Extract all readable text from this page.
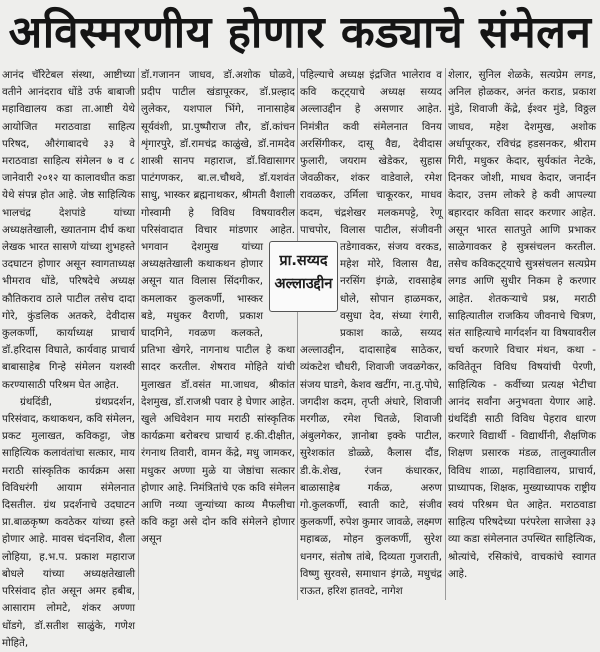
अविस्मरणीय होणार कड्याचे संमेलन

आनंद चॅरिटेबल संस्था, आष्टीच्या वतीने आनंदराव धोंडे उर्फ बाबाजी महाविद्यालय कडा ता.आष्टी येथे आयोजित मराठवाडा साहित्य परिषद, औरंगाबादचे ३३ वे मराठवाडा साहित्य संमेलन ७ व ८ जानेवारी २०१२ या कालावधीत कडा येथे संपन्न होत आहे. जेष्ठ साहित्यिक भालचंद्र देशपांडे यांच्या अध्यक्षतेखाली, ख्यातनाम दीर्घ कथा लेखक भारत सासणे यांच्या शुभहस्ते उदघाटन होणार असून स्वागताध्यक्ष भीमराव धोंडे, परिषदेचे अध्यक्ष कौतिकराव ठाले पाटील तसेच दादा गोरे, कुंडलिक अतकरे, देवीदास कुलकर्णी, कार्याध्यक्ष प्राचार्य डॉ.हरिदास विघाते, कार्यवाह प्राचार्य बाबासाहेब गिन्हे संमेलन यशस्वी करण्यासाठी परिश्रम घेत आहेत.

ग्रंथदिंडी, ग्रंथप्रदर्शन, परिसंवाद, कथाकथन, कवि संमेलन, प्रकट मुलाखत, कविकट्टा, जेष्ठ साहित्यिक कलावंतांचा सत्कार, माय मराठी सांस्कृतिक कार्यक्रम असा विविधरंगी आयाम संमेलनात दिसतील. ग्रंथ प्रदर्शनाचे उदघाटन प्रा.बाळकृष्ण कवठेकर यांच्या हस्ते होणार आहे. मावस चंदनशिव, शैला लोहिया, ह.भ.प. प्रकाश महाराज बोधले यांच्या अध्यक्षतेखाली परिसंवाद होत असून अमर हबीब, आसाराम लोमटे, शंकर अण्णा धोंडगे, डॉ.सतीश साळुंके, गणेश मोहिते,

डॉ.गजानन जाधव, डॉ.अशोक घोळवे, प्रदीप पाटील खंडापूरकर, डॉ.प्रल्हाद लुलेकर, यशपाल भिंगे, नानासाहेब सूर्यवंशी, प्रा.पुष्पौराज तौर, डॉ.कांचन शृंगारपुरे, डॉ.रामचंद्र काळुंखे, डॉ.नामदेव शास्त्री सानप महाराज, डॉ.विद्यासागर पाटंगणकर, बा.ल.चौथवे, डॉ.यशवंत साधु, भास्कर ब्रह्मनाथकर, श्रीमती वैशाली गोस्वामी हे विविध विषयावरील परिसंवादात विचार मांडणार आहेत. भगवान देशमुख यांच्या अध्यक्षतेखाली कथाकथन होणार असून यात विलास सिंदगीकर, कमलाकर कुलकर्णी, भास्कर बडे, मधुकर वैराणी, प्रकाश घादगिने, गवळण कलकते, प्रतिभा खेगरे, नागनाथ पाटील हे कथा सादर करतील. शेषराव मोहिते यांची मुलाखत डॉ.वसंत मा.जाधव, श्रीकांत देशमुख, डॉ.राजश्री पवार हे घेणार आहेत. खुले अधिवेशन माय मराठी सांस्कृतिक कार्यक्रमा बरोबरच प्राचार्य ह.की.दीक्षीत, रंगनाथ तिवारी, वामन केंद्रे, मधु जामकर, मधुकर अण्णा मुळे या जेष्ठांचा सत्कार होणार आहे. निमंत्रितांचे एक कवि संमेलन आणि नव्या जुन्यांच्या काव्य मैफलीचा कवि कट्टा असे दोन कवि संमेलने होणार असून

पहिल्याचे अध्यक्ष इंद्रजित भालेराव व कवि कट्ट्याचे अध्यक्ष सय्यद अल्लाउद्दीन हे असणार आहेत. निमंत्रीत कवी संमेलनात विनय अरसिंगीकर, दासू वैद्य, देवीदास फुलारी, जयराम खेडेकर, सुहास जेवळीकर, शंकर वाडेवाले, रमेश रावळकर, उर्मिला चाकूरकर, माधव कदम, चंद्रशेखर मलकमपट्टे, रेणू पाचपोर, विलास पाटील, संजीवनी तडेगावकर, संजय वरकड, महेश मोरे, विलास वैद्य, नरसिंग इंगळे, रावसाहेब धोले, सोपान हाळमकर, वसुधा देव, संध्या रंगारी, प्रकाश काळे, सय्यद अल्लाउद्दीन, दादासाहेब साठेकर, व्यंकटेश चौधरी, शिवाजी जवळगेकर, संजय घाडगे, केशव खटींग, ना.तु.पोघे, जगदीश कदम, तृप्ती अंधारे, शिवाजी मरगीळ, रमेश चितळे, शिवाजी अंबुलगेकर, ज्ञानोबा इक्के पाटील, सुरेशकांत डोळ्ळे, कैलास दौंड, डी.के.शेख, रंजन कंधारकर, बाळासाहेब गर्कळ, अरुण गो.कुलकर्णी, स्वाती काटे, संजीव कुलकर्णी, रुपेश कुमार जावळे, लक्ष्मण महाबळ, मोहन कुलकर्णी, सुरेश धनगर, संतोष तांबे, दिव्यता गुजराती, विष्णु सुरवसे, समाधान इंगळे, मधुचंद्र राऊत, हरिश हातवटे, नागेश

शेलार, सुनिल शेळके, सत्यप्रेम लगड, अनिल होळकर, अनंत कराड, प्रकाश मुंडे, शिवाजी केंद्रे, ईश्वर मुंडे, विठ्ठल जाधव, महेश देशमुख, अशोक अर्धापूरकर, रविचंद्र हडसनकर, श्रीराम गिरी, मधुकर केदार, सुर्यकांत नेटके, दिनकर जोशी, माधव केदार, जनार्दन केदार, उत्तम लोकरे हे कवी आपल्या बहारदार कविता सादर करणार आहेत. असून भारत सातपुते आणि प्रभाकर साळेगावकर हे सुत्रसंचलन करतील. तसेच कविकट्ट्याचे सुत्रसंचलन सत्यप्रेम लगड आणि सुधीर निकम हे करणार आहेत. शेतकऱ्याचे प्रश्न, मराठी साहित्यातील राजकिय जीवनाचे चित्रण, संत साहित्याचे मार्गदर्शन या विषयावरील चर्चा करणारे विचार मंथन, कथा - कवितेतून विविध विषयांची पेरणी, साहित्यिक - कर्वीच्या प्रत्यक्ष भेटीचा आनंद सर्वांना अनुभवता येणार आहे. ग्रंथदिंडी साठी विविध पेहराव धारण करणारे विद्यार्थी - विद्यार्थीनी, शैक्षणिक शिक्षण प्रसारक मंडळ, तालुक्यातील विविध शाळा, महाविद्यालय, प्राचार्य, प्राध्यापक, शिक्षक, मुख्याध्यापक राष्ट्रीय स्वयं परिश्रम घेत आहेत. मराठवाडा साहित्य परिषदेच्या परंपरेला साजेसा ३३ व्या कडा संमेलनात उपस्थित साहित्यिक, श्रोत्यांचे, रसिकांचे, वाचकांचे स्वागत आहे.

प्रा.सय्यद
अल्लाउद्दीन
